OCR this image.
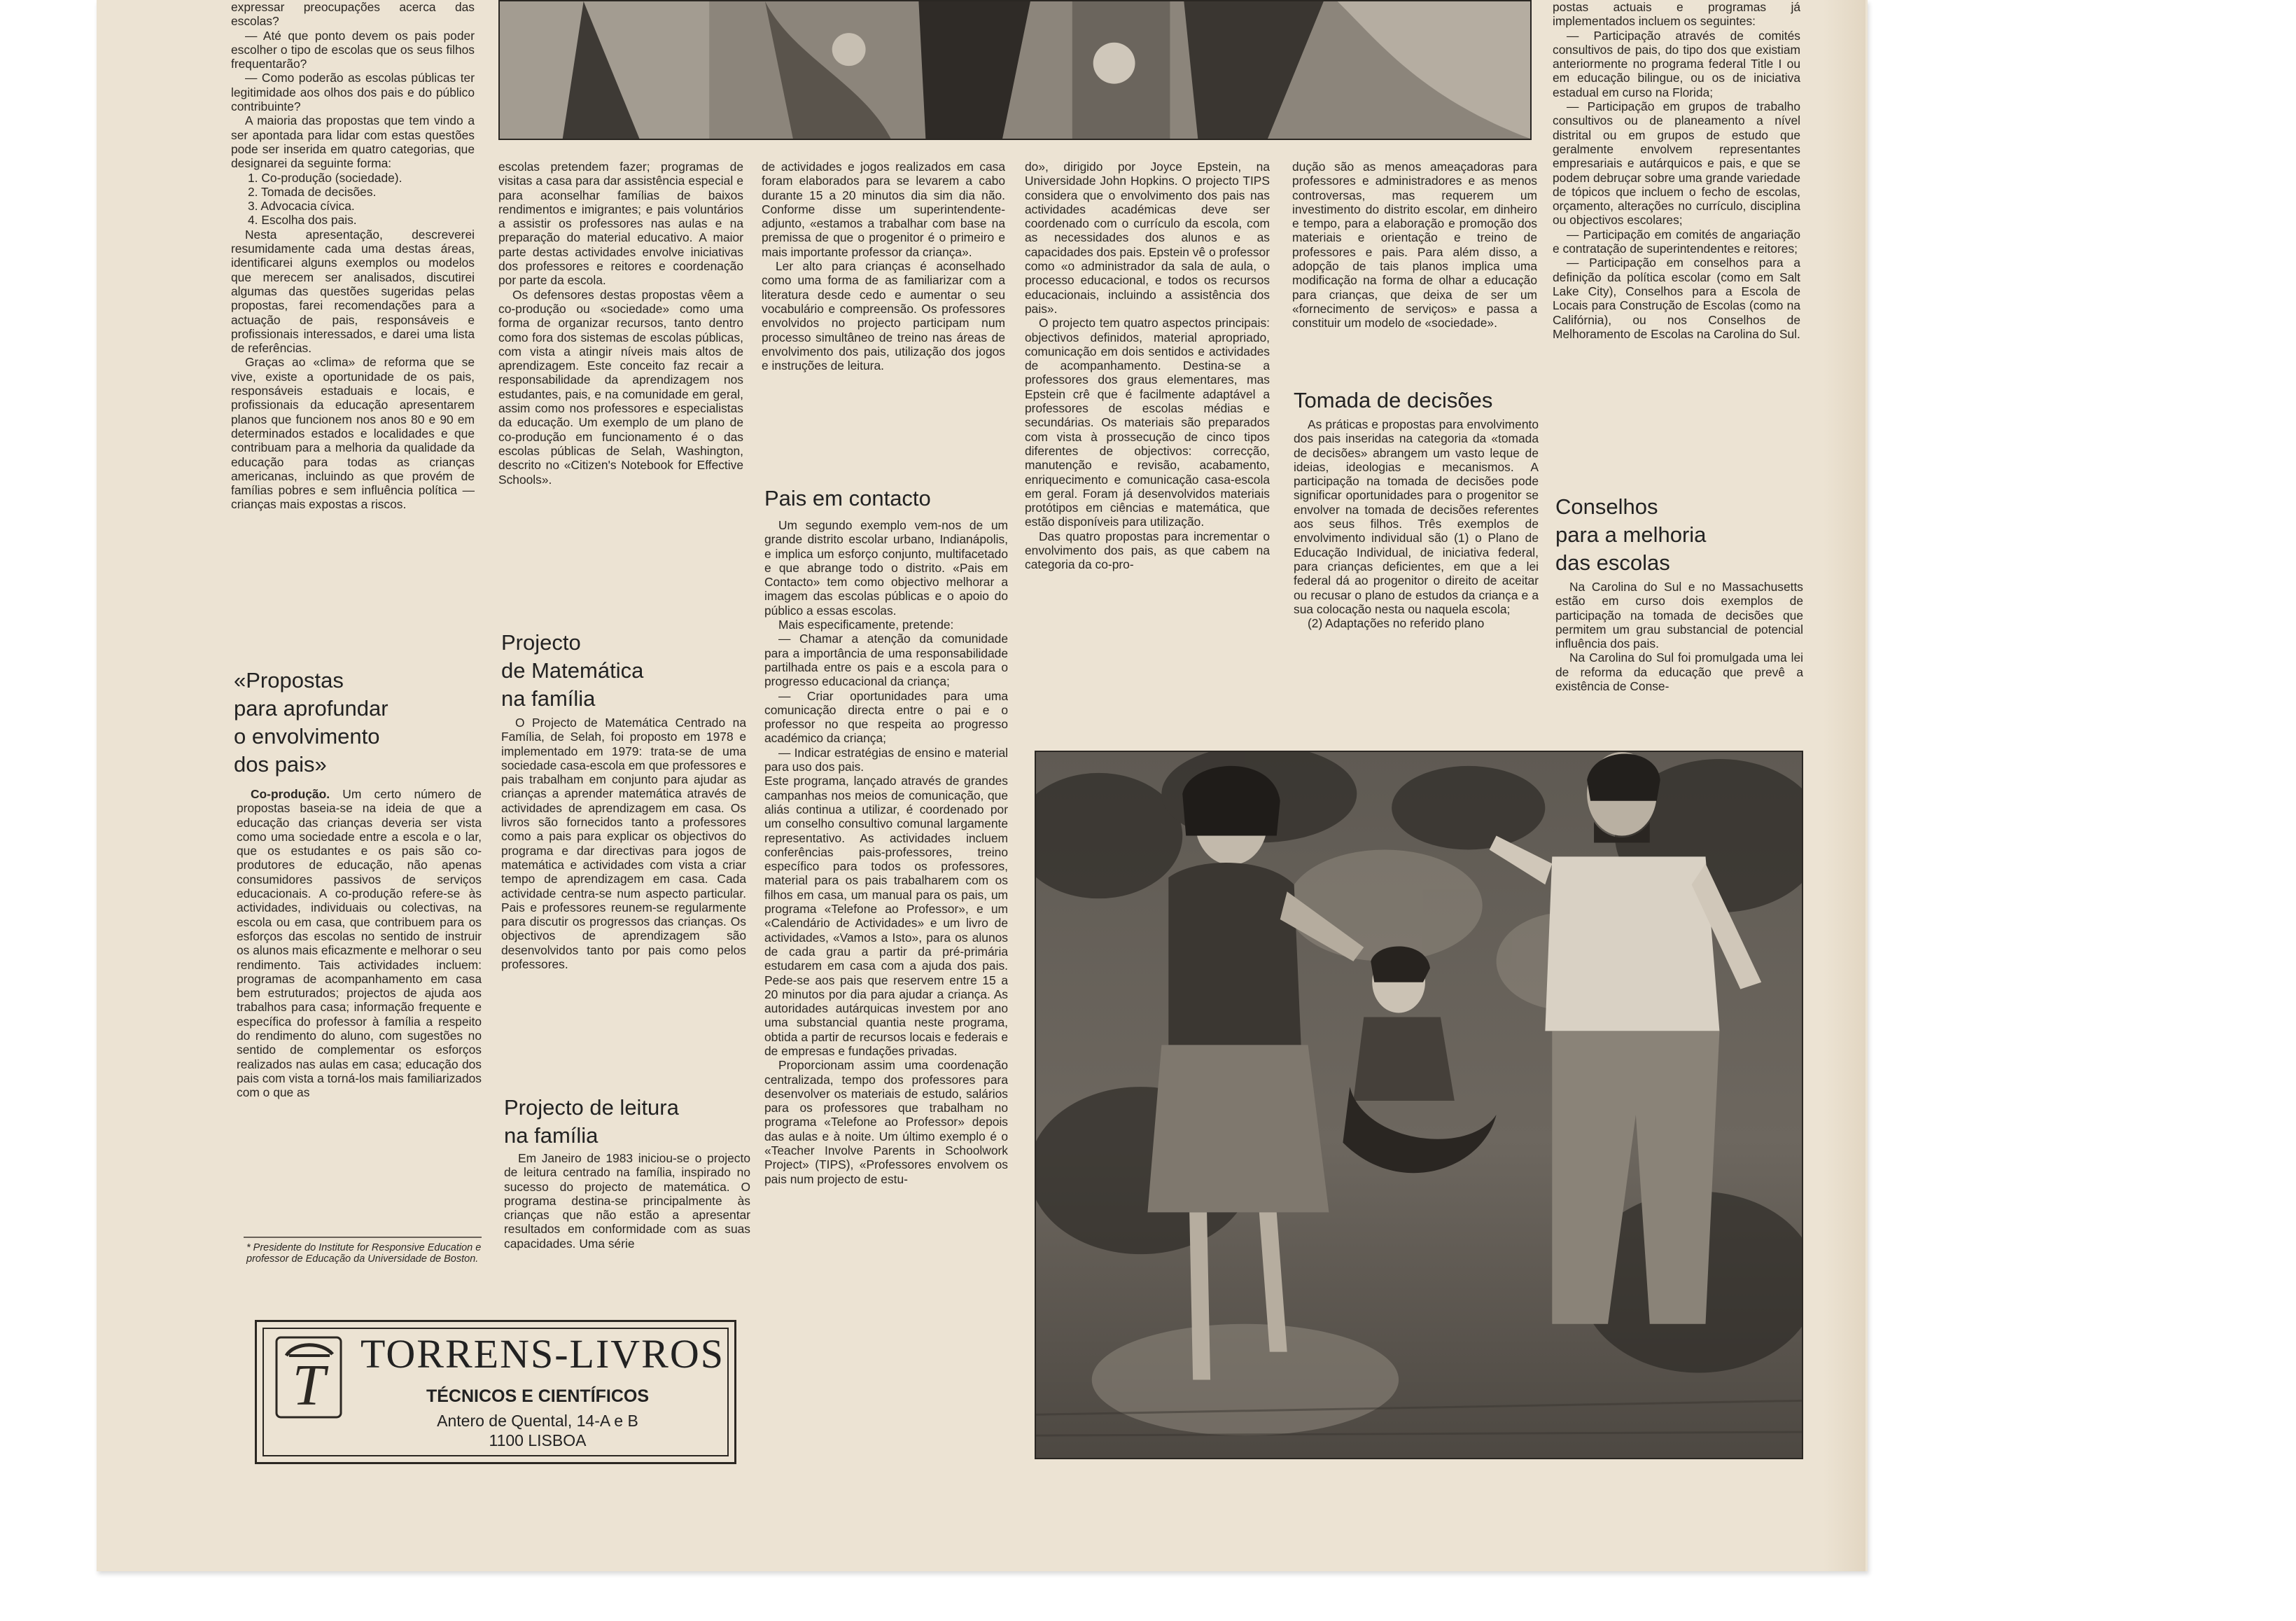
expressar preocupações acerca das escolas?

— Até que ponto devem os pais poder escolher o tipo de escolas que os seus filhos frequentarão?

— Como poderão as escolas públicas ter legitimidade aos olhos dos pais e do público contribuinte?

A maioria das propostas que tem vindo a ser apontada para lidar com estas questões pode ser inserida em quatro categorias, que designarei da seguinte forma:

1. Co-produção (sociedade).

2. Tomada de decisões.

3. Advocacia cívica.

4. Escolha dos pais.

Nesta apresentação, descreverei resumidamente cada uma destas áreas, identificarei alguns exemplos ou modelos que merecem ser analisados, discutirei algumas das questões sugeridas pelas propostas, farei recomendações para a actuação de pais, responsáveis e profissionais interessados, e darei uma lista de referências.

Graças ao «clima» de reforma que se vive, existe a oportunidade de os pais, responsáveis estaduais e locais, e profissionais da educação apresentarem planos que funcionem nos anos 80 e 90 em determinados estados e localidades e que contribuam para a melhoria da qualidade da educação para todas as crianças americanas, incluindo as que provém de famílias pobres e sem influência política — crianças mais expostas a riscos.

«Propostas
para aprofundar
o envolvimento
dos pais»

Co-produção. Um certo número de propostas baseia-se na ideia de que a educação das crianças deveria ser vista como uma sociedade entre a escola e o lar, que os estudantes e os pais são co-produtores de educação, não apenas consumidores passivos de serviços educacionais. A co-produção refere-se às actividades, individuais ou colectivas, na escola ou em casa, que contribuem para os esforços das escolas no sentido de instruir os alunos mais eficazmente e melhorar o seu rendimento. Tais actividades incluem: programas de acompanhamento em casa bem estruturados; projectos de ajuda aos trabalhos para casa; informação frequente e específica do professor à família a respeito do rendimento do aluno, com sugestões no sentido de complementar os esforços realizados nas aulas em casa; educação dos pais com vista a torná-los mais familiarizados com o que as

* Presidente do Institute for Responsive Education e professor de Educação da Universidade de Boston.

escolas pretendem fazer; programas de visitas a casa para dar assistência especial e para aconselhar famílias de baixos rendimentos e imigrantes; e pais voluntários a assistir os professores nas aulas e na preparação do material educativo. A maior parte destas actividades envolve iniciativas dos professores e reitores e coordenação por parte da escola.

Os defensores destas propostas vêem a co-produção ou «sociedade» como uma forma de organizar recursos, tanto dentro como fora dos sistemas de escolas públicas, com vista a atingir níveis mais altos de aprendizagem. Este conceito faz recair a responsabilidade da aprendizagem nos estudantes, pais, e na comunidade em geral, assim como nos professores e especialistas da educação. Um exemplo de um plano de co-produção em funcionamento é o das escolas públicas de Selah, Washington, descrito no «Citizen's Notebook for Effective Schools».

Projecto
de Matemática
na família

O Projecto de Matemática Centrado na Família, de Selah, foi proposto em 1978 e implementado em 1979: trata-se de uma sociedade casa-escola em que professores e pais trabalham em conjunto para ajudar as crianças a aprender matemática através de actividades de aprendizagem em casa. Os livros são fornecidos tanto a professores como a pais para explicar os objectivos do programa e dar directivas para jogos de matemática e actividades com vista a criar tempo de aprendizagem em casa. Cada actividade centra-se num aspecto particular. Pais e professores reunem-se regularmente para discutir os progressos das crianças. Os objectivos de aprendizagem são desenvolvidos tanto por pais como pelos professores.

Projecto de leitura
na família

Em Janeiro de 1983 iniciou-se o projecto de leitura centrado na família, inspirado no sucesso do projecto de matemática. O programa destina-se principalmente às crianças que não estão a apresentar resultados em conformidade com as suas capacidades. Uma série

de actividades e jogos realizados em casa foram elaborados para se levarem a cabo durante 15 a 20 minutos dia sim dia não. Conforme disse um superintendente-adjunto, «estamos a trabalhar com base na premissa de que o progenitor é o primeiro e mais importante professor da criança».

Ler alto para crianças é aconselhado como uma forma de as familiarizar com a literatura desde cedo e aumentar o seu vocabulário e compreensão. Os professores envolvidos no projecto participam num processo simultâneo de treino nas áreas de envolvimento dos pais, utilização dos jogos e instruções de leitura.

Pais em contacto

Um segundo exemplo vem-nos de um grande distrito escolar urbano, Indianápolis, e implica um esforço conjunto, multifacetado e que abrange todo o distrito. «Pais em Contacto» tem como objectivo melhorar a imagem das escolas públicas e o apoio do público a essas escolas.

Mais especificamente, pretende:

— Chamar a atenção da comunidade para a importância de uma responsabilidade partilhada entre os pais e a escola para o progresso educacional da criança;

— Criar oportunidades para uma comunicação directa entre o pai e o professor no que respeita ao progresso académico da criança;

— Indicar estratégias de ensino e material para uso dos pais.

Este programa, lançado através de grandes campanhas nos meios de comunicação, que aliás continua a utilizar, é coordenado por um conselho consultivo comunal largamente representativo. As actividades incluem conferências pais-professores, treino específico para todos os professores, material para os pais trabalharem com os filhos em casa, um manual para os pais, um programa «Telefone ao Professor», e um «Calendário de Actividades» e um livro de actividades, «Vamos a Isto», para os alunos de cada grau a partir da pré-primária estudarem em casa com a ajuda dos pais. Pede-se aos pais que reservem entre 15 a 20 minutos por dia para ajudar a criança. As autoridades autárquicas investem por ano uma substancial quantia neste programa, obtida a partir de recursos locais e federais e de empresas e fundações privadas.

Proporcionam assim uma coordenação centralizada, tempo dos professores para desenvolver os materiais de estudo, salários para os professores que trabalham no programa «Telefone ao Professor» depois das aulas e à noite. Um último exemplo é o «Teacher Involve Parents in Schoolwork Project» (TIPS), «Professores envolvem os pais num projecto de estu-

do», dirigido por Joyce Epstein, na Universidade John Hopkins. O projecto TIPS considera que o envolvimento dos pais nas actividades académicas deve ser coordenado com o currículo da escola, com as necessidades dos alunos e as capacidades dos pais. Epstein vê o professor como «o administrador da sala de aula, o processo educacional, e todos os recursos educacionais, incluindo a assistência dos pais».

O projecto tem quatro aspectos principais: objectivos definidos, material apropriado, comunicação em dois sentidos e actividades de acompanhamento. Destina-se a professores dos graus elementares, mas Epstein crê que é facilmente adaptável a professores de escolas médias e secundárias. Os materiais são preparados com vista à prossecução de cinco tipos diferentes de objectivos: correcção, manutenção e revisão, acabamento, enriquecimento e comunicação casa-escola em geral. Foram já desenvolvidos materiais protótipos em ciências e matemática, que estão disponíveis para utilização.

Das quatro propostas para incrementar o envolvimento dos pais, as que cabem na categoria da co-pro-

dução são as menos ameaçadoras para professores e administradores e as menos controversas, mas requerem um investimento do distrito escolar, em dinheiro e tempo, para a elaboração e promoção dos materiais e orientação e treino de professores e pais. Para além disso, a adopção de tais planos implica uma modificação na forma de olhar a educação para crianças, que deixa de ser um «fornecimento de serviços» e passa a constituir um modelo de «sociedade».

Tomada de decisões

As práticas e propostas para envolvimento dos pais inseridas na categoria da «tomada de decisões» abrangem um vasto leque de ideias, ideologias e mecanismos. A participação na tomada de decisões pode significar oportunidades para o progenitor se envolver na tomada de decisões referentes aos seus filhos. Três exemplos de envolvimento individual são (1) o Plano de Educação Individual, de iniciativa federal, para crianças deficientes, em que a lei federal dá ao progenitor o direito de aceitar ou recusar o plano de estudos da criança e a sua colocação nesta ou naquela escola;

(2) Adaptações no referido plano

postas actuais e programas já implementados incluem os seguintes:

— Participação através de comités consultivos de pais, do tipo dos que existiam anteriormente no programa federal Title I ou em educação bilingue, ou os de iniciativa estadual em curso na Florida;

— Participação em grupos de trabalho consultivos ou de planeamento a nível distrital ou em grupos de estudo que geralmente envolvem representantes empresariais e autárquicos e pais, e que se podem debruçar sobre uma grande variedade de tópicos que incluem o fecho de escolas, orçamento, alterações no currículo, disciplina ou objectivos escolares;

— Participação em comités de angariação e contratação de superintendentes e reitores;

— Participação em conselhos para a definição da política escolar (como em Salt Lake City), Conselhos para a Escola de Locais para Construção de Escolas (como na Califórnia), ou nos Conselhos de Melhoramento de Escolas na Carolina do Sul.

Conselhos
para a melhoria
das escolas

Na Carolina do Sul e no Massachusetts estão em curso dois exemplos de participação na tomada de decisões que permitem um grau substancial de potencial influência dos pais.

Na Carolina do Sul foi promulgada uma lei de reforma da educação que prevê a existência de Conse-

T TORRENS-LIVROS
TÉCNICOS E CIENTÍFICOS
Antero de Quental, 14-A e B
1100 LISBOA
